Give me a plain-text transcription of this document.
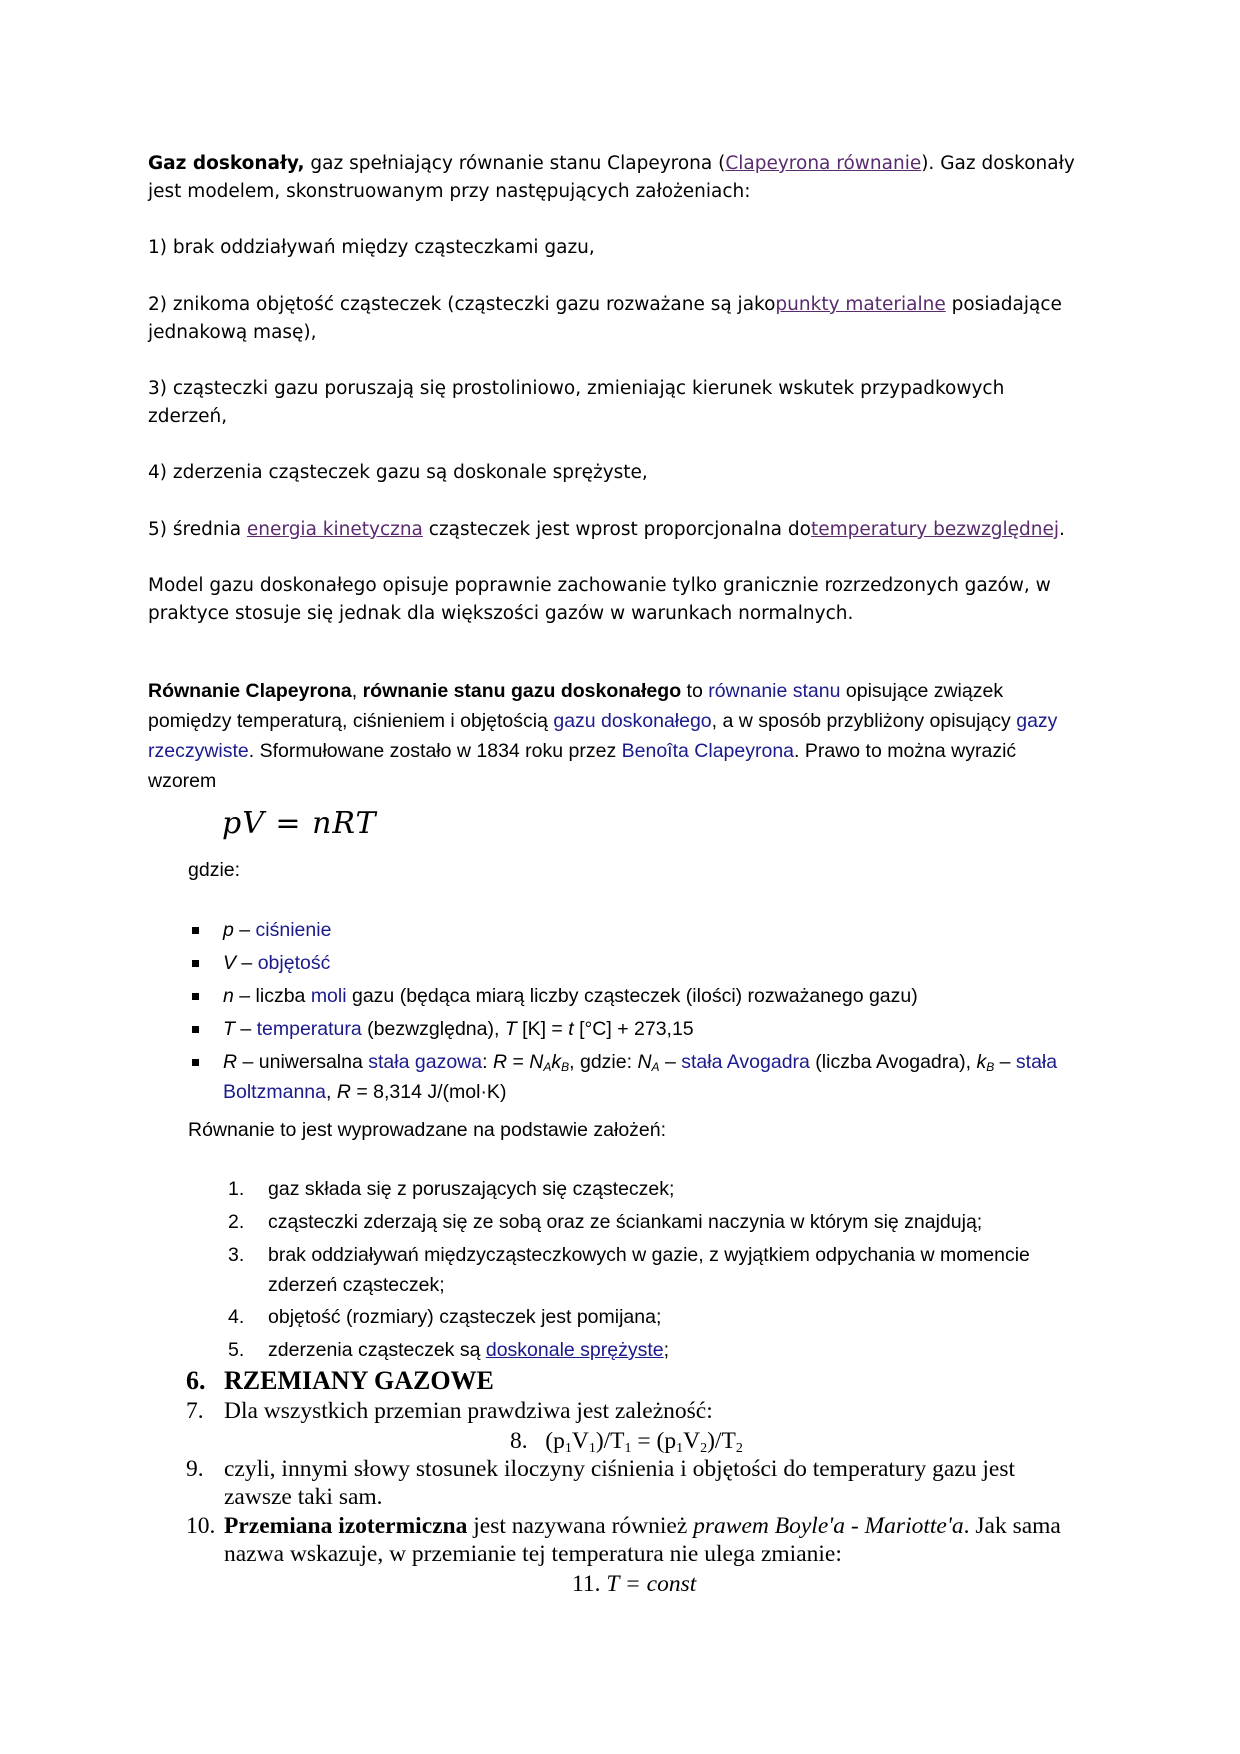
Gaz doskonały, gaz spełniający równanie stanu Clapeyrona (Clapeyrona równanie). Gaz doskonały jest modelem, skonstruowanym przy następujących założeniach:

1) brak oddziaływań między cząsteczkami gazu,

2) znikoma objętość cząsteczek (cząsteczki gazu rozważane są jakopunkty materialne posiadające jednakową masę),

3) cząsteczki gazu poruszają się prostoliniowo, zmieniając kierunek wskutek przypadkowych zderzeń,

4) zderzenia cząsteczek gazu są doskonale sprężyste,

5) średnia energia kinetyczna cząsteczek jest wprost proporcjonalna dotemperatury bezwzględnej.

Model gazu doskonałego opisuje poprawnie zachowanie tylko granicznie rozrzedzonych gazów, w praktyce stosuje się jednak dla większości gazów w warunkach normalnych.

Równanie Clapeyrona, równanie stanu gazu doskonałego to równanie stanu opisujące związek pomiędzy temperaturą, ciśnieniem i objętością gazu doskonałego, a w sposób przybliżony opisujący gazy rzeczywiste. Sformułowane zostało w 1834 roku przez Benoîta Clapeyrona. Prawo to można wyrazić wzorem
pV = nRT
gdzie:
p – ciśnienie
V – objętość
n – liczba moli gazu (będąca miarą liczby cząsteczek (ilości) rozważanego gazu)
T – temperatura (bezwzględna), T [K] = t [°C] + 273,15
R – uniwersalna stała gazowa: $R = N_Ak_B$, gdzie: $N_A$ – stała Avogadra (liczba Avogadra), $k_B$ – stała Boltzmanna, R = 8,314 J/(mol·K)
Równanie to jest wyprowadzane na podstawie założeń:
1. gaz składa się z poruszających się cząsteczek;
2. cząsteczki zderzają się ze sobą oraz ze ściankami naczynia w którym się znajdują;
3. brak oddziaływań międzycząsteczkowych w gazie, z wyjątkiem odpychania w momencie zderzeń cząsteczek;
4. objętość (rozmiary) cząsteczek jest pomijana;
5. zderzenia cząsteczek są doskonale sprężyste;
6. RZEMIANY GAZOWE
7. Dla wszystkich przemian prawdziwa jest zależność:
8. $(p_1V_1)/T_1 = (p_1V_2)/T_2$
9. czyli, innymi słowy stosunek iloczyny ciśnienia i objętości do temperatury gazu jest zawsze taki sam.
10. Przemiana izotermiczna jest nazywana również prawem Boyle'a - Mariotte'a. Jak sama nazwa wskazuje, w przemianie tej temperatura nie ulega zmianie:
11. T = const
